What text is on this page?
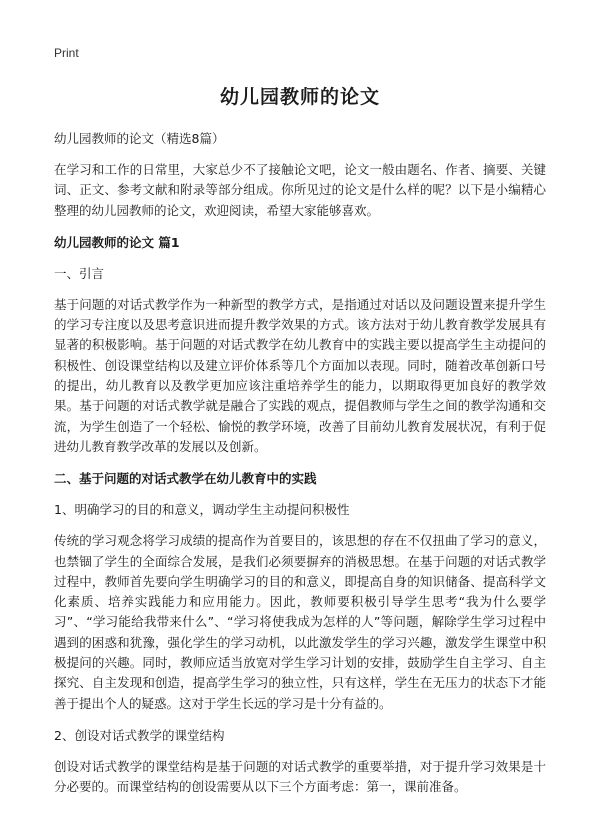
Print
幼儿园教师的论文
幼儿园教师的论文（精选8篇）

在学习和工作的日常里，大家总少不了接触论文吧，论文一般由题名、作者、摘要、关键词、正文、参考文献和附录等部分组成。你所见过的论文是什么样的呢？以下是小编精心整理的幼儿园教师的论文，欢迎阅读，希望大家能够喜欢。

幼儿园教师的论文 篇1
一、引言

基于问题的对话式教学作为一种新型的教学方式，是指通过对话以及问题设置来提升学生的学习专注度以及思考意识进而提升教学效果的方式。该方法对于幼儿教育教学发展具有显著的积极影响。基于问题的对话式教学在幼儿教育中的实践主要以提高学生主动提问的积极性、创设课堂结构以及建立评价体系等几个方面加以表现。同时，随着改革创新口号的提出，幼儿教育以及教学更加应该注重培养学生的能力，以期取得更加良好的教学效果。基于问题的对话式教学就是融合了实践的观点，提倡教师与学生之间的教学沟通和交流，为学生创造了一个轻松、愉悦的教学环境，改善了目前幼儿教育发展状况，有利于促进幼儿教育教学改革的发展以及创新。

二、基于问题的对话式教学在幼儿教育中的实践
1、明确学习的目的和意义，调动学生主动提问积极性

传统的学习观念将学习成绩的提高作为首要目的，该思想的存在不仅扭曲了学习的意义，也禁锢了学生的全面综合发展，是我们必须要摒弃的消极思想。在基于问题的对话式教学过程中，教师首先要向学生明确学习的目的和意义，即提高自身的知识储备、提高科学文化素质、培养实践能力和应用能力。因此，教师要积极引导学生思考“我为什么要学习”、“学习能给我带来什么”、“学习将使我成为怎样的人”等问题，解除学生学习过程中遇到的困惑和犹豫，强化学生的学习动机，以此激发学生的学习兴趣，激发学生课堂中积极提问的兴趣。同时，教师应适当放宽对学生学习计划的安排，鼓励学生自主学习、自主探究、自主发现和创造，提高学生学习的独立性，只有这样，学生在无压力的状态下才能善于提出个人的疑惑。这对于学生长远的学习是十分有益的。

2、创设对话式教学的课堂结构

创设对话式教学的课堂结构是基于问题的对话式教学的重要举措，对于提升学习效果是十分必要的。而课堂结构的创设需要从以下三个方面考虑：第一，课前准备。
